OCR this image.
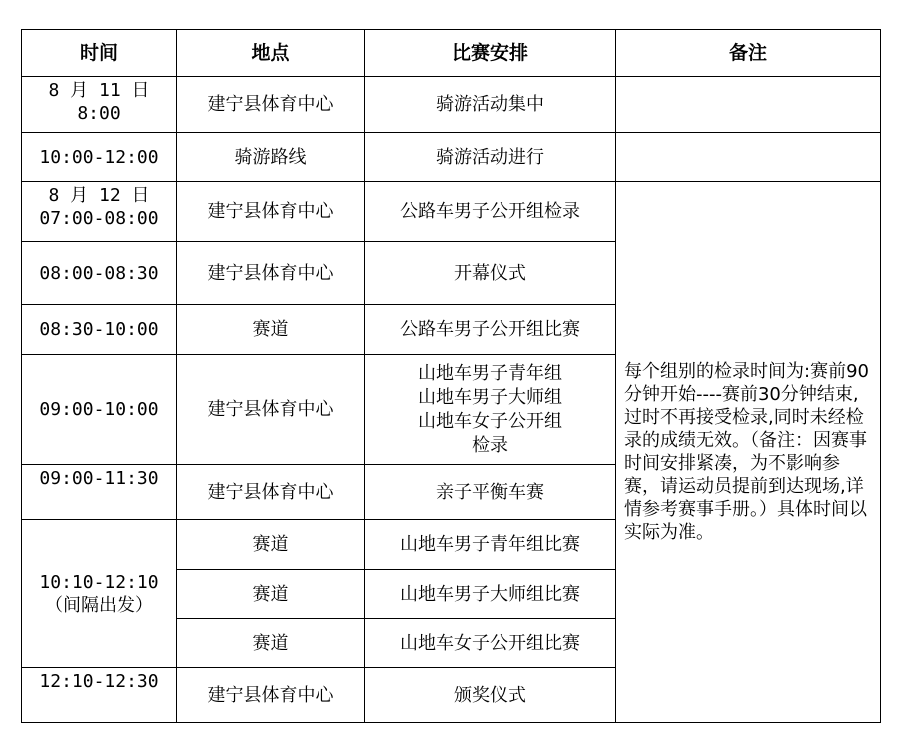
时间	地点	比赛安排	备注

8 月 11 日
8:00	建宁县体育中心	骑游活动集中	
10:00-12:00	骑游路线	骑游活动进行	

8 月 12 日
07:00-08:00	建宁县体育中心	公路车男子公开组检录	每个组别的检录时间为:赛前90分钟开始----赛前30分钟结束,过时不再接受检录,同时未经检录的成绩无效。（备注：因赛事时间安排紧凑，为不影响参赛，请运动员提前到达现场,详情参考赛事手册。）具体时间以实际为准。
08:00-08:30	建宁县体育中心	开幕仪式	
08:30-10:00	赛道	公路车男子公开组比赛	
09:00-10:00	建宁县体育中心	山地车男子青年组
山地车男子大师组
山地车女子公开组
检录	

09:00-11:30	建宁县体育中心	亲子平衡车赛	

10:10-12:10
（间隔出发）	赛道	山地车男子青年组比赛	
	赛道	山地车男子大师组比赛	
	赛道	山地车女子公开组比赛	
12:10-12:30	建宁县体育中心	颁奖仪式	
